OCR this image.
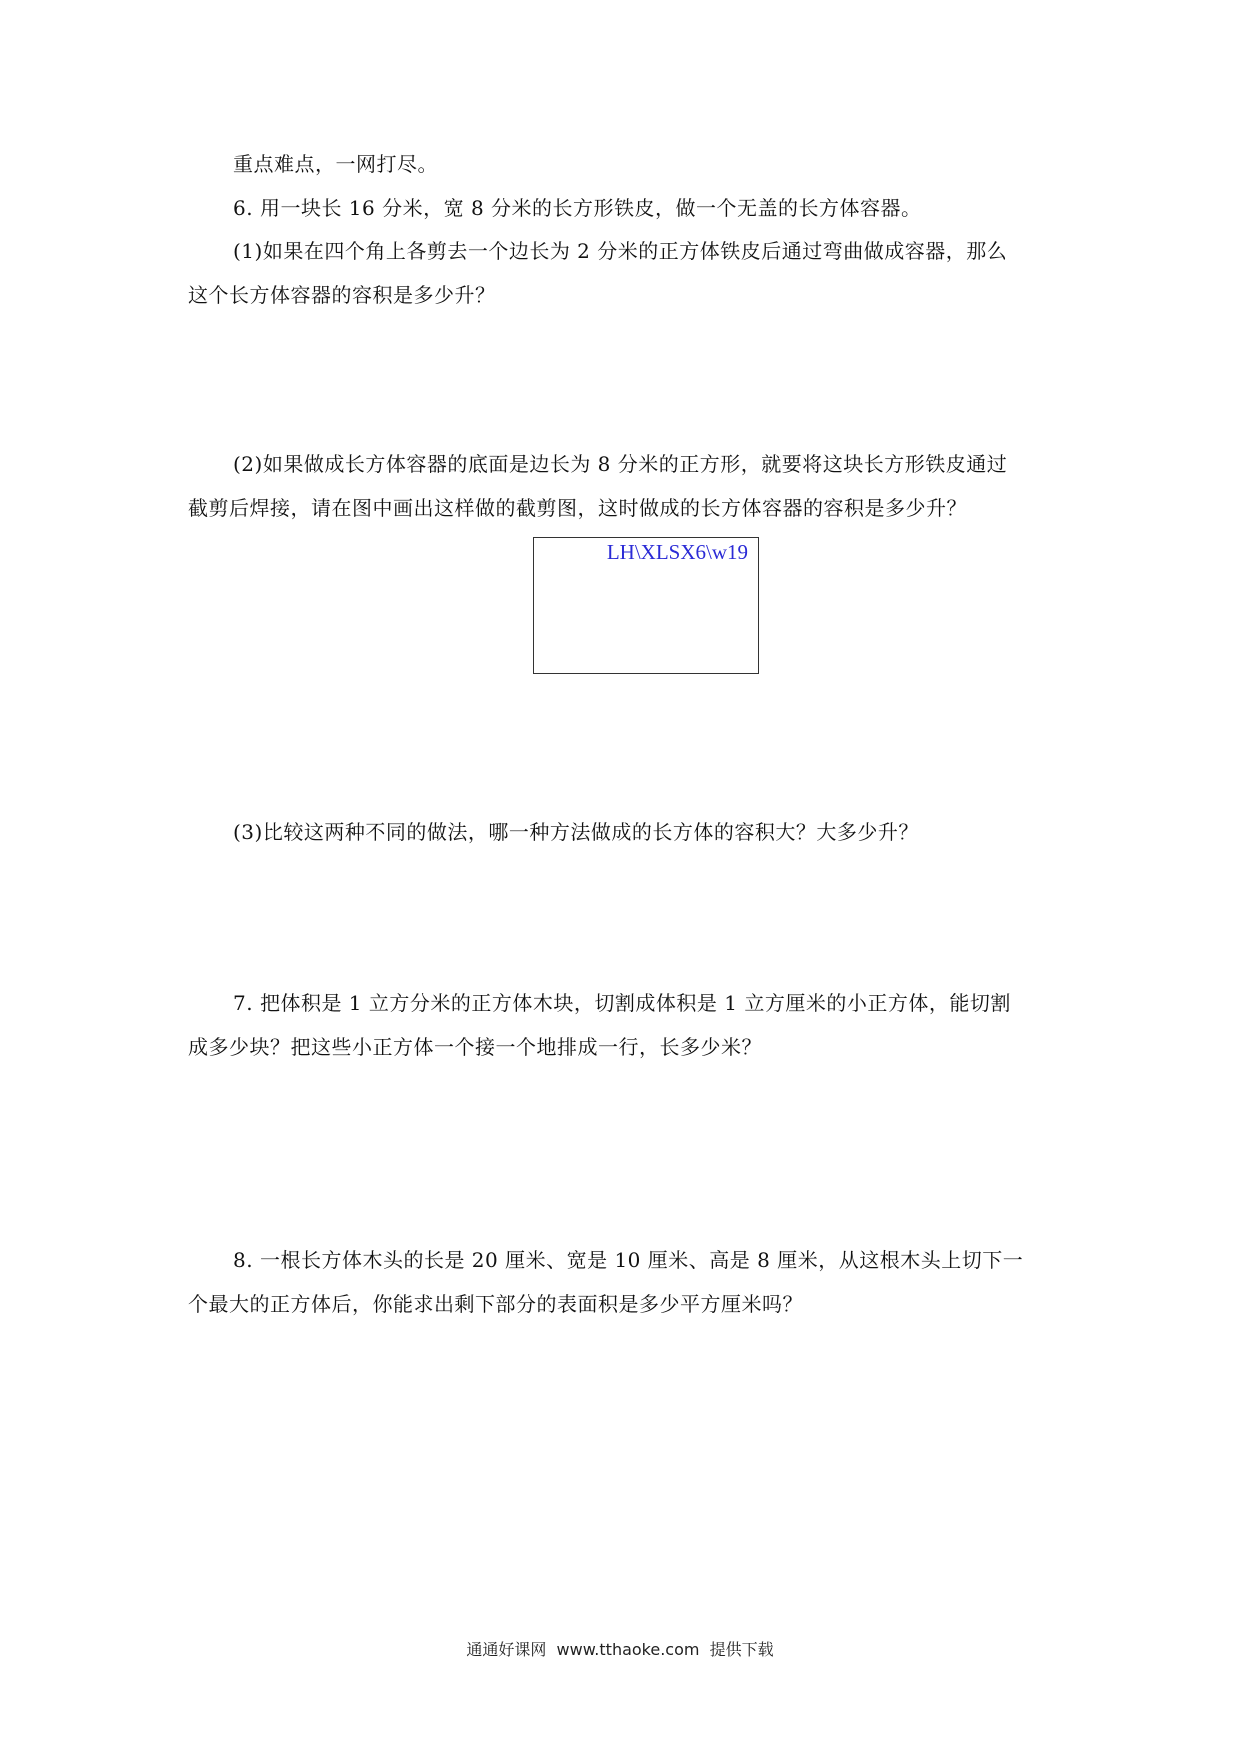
重点难点，一网打尽。
6. 用一块长 16 分米，宽 8 分米的长方形铁皮，做一个无盖的长方体容器。
(1)如果在四个角上各剪去一个边长为 2 分米的正方体铁皮后通过弯曲做成容器，那么
这个长方体容器的容积是多少升？
(2)如果做成长方体容器的底面是边长为 8 分米的正方形，就要将这块长方形铁皮通过
截剪后焊接，请在图中画出这样做的截剪图，这时做成的长方体容器的容积是多少升？
LH\XLSX6\w19
(3)比较这两种不同的做法，哪一种方法做成的长方体的容积大？大多少升？
7. 把体积是 1 立方分米的正方体木块，切割成体积是 1 立方厘米的小正方体，能切割
成多少块？把这些小正方体一个接一个地排成一行，长多少米？
8. 一根长方体木头的长是 20 厘米、宽是 10 厘米、高是 8 厘米，从这根木头上切下一
个最大的正方体后，你能求出剩下部分的表面积是多少平方厘米吗？
通通好课网  www.tthaoke.com  提供下载
